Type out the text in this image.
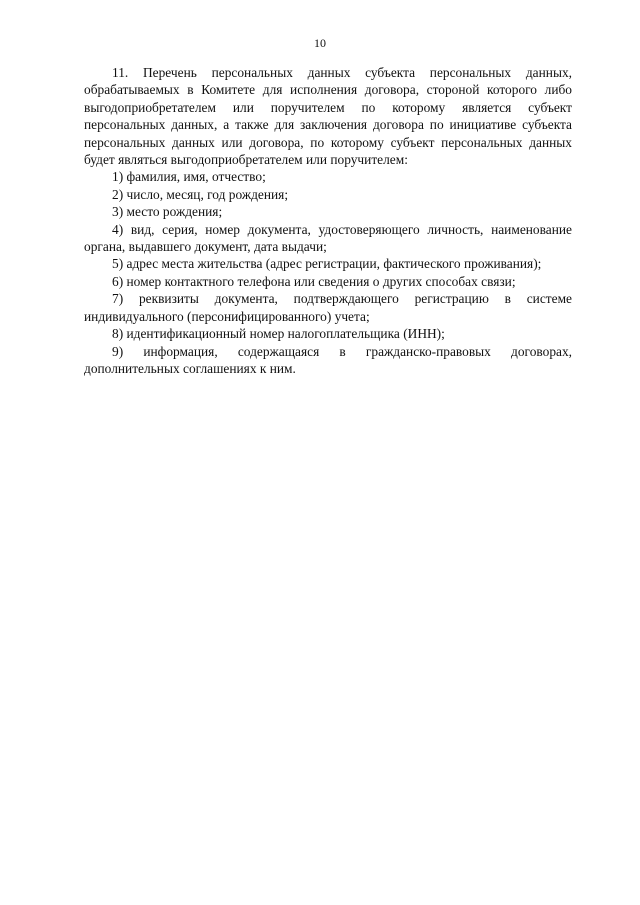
10

11. Перечень персональных данных субъекта персональных данных, обрабатываемых в Комитете для исполнения договора, стороной которого либо выгодоприобретателем или поручителем по которому является субъект персональных данных, а также для заключения договора по инициативе субъекта персональных данных или договора, по которому субъект персональных данных будет являться выгодоприобретателем или поручителем:

1) фамилия, имя, отчество;

2) число, месяц, год рождения;

3) место рождения;

4) вид, серия, номер документа, удостоверяющего личность, наименование органа, выдавшего документ, дата выдачи;

5) адрес места жительства (адрес регистрации, фактического проживания);

6) номер контактного телефона или сведения о других способах связи;

7) реквизиты документа, подтверждающего регистрацию в системе индивидуального (персонифицированного) учета;

8) идентификационный номер налогоплательщика (ИНН);

9) информация, содержащаяся в гражданско-правовых договорах, дополнительных соглашениях к ним.
